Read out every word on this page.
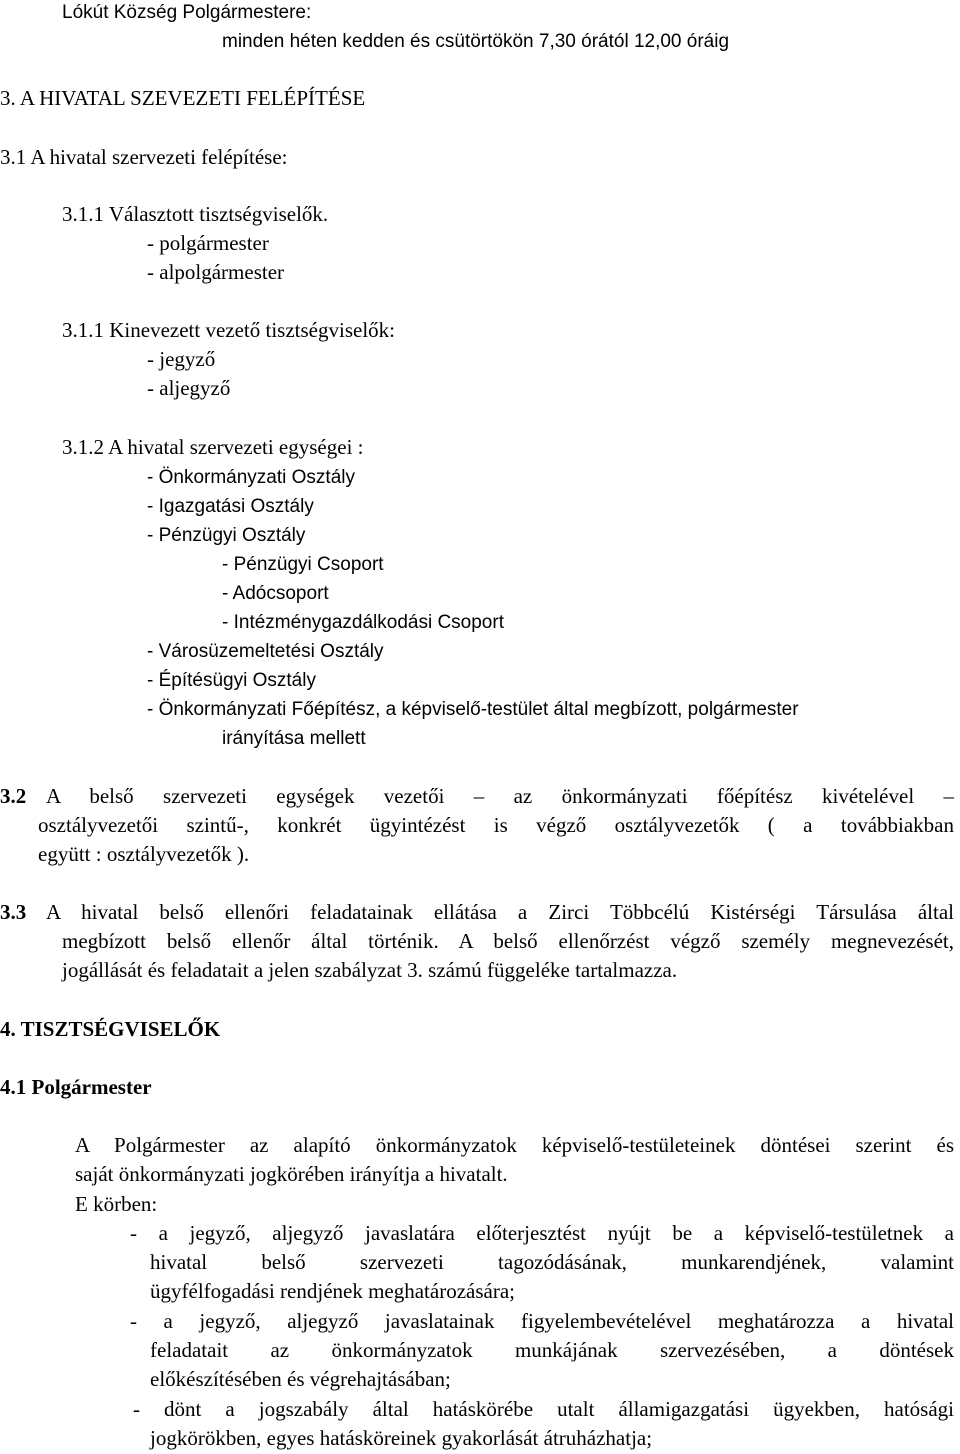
Lókút Község Polgármestere:
minden héten kedden és csütörtökön 7,30 órától 12,00 óráig
3. A HIVATAL SZEVEZETI FELÉPÍTÉSE
3.1 A hivatal szervezeti felépítése:
3.1.1 Választott tisztségviselők.
- polgármester
- alpolgármester
3.1.1 Kinevezett vezető tisztségviselők:
- jegyző
- aljegyző
3.1.2 A hivatal szervezeti egységei :
- Önkormányzati Osztály
- Igazgatási Osztály
- Pénzügyi Osztály
- Pénzügyi Csoport
- Adócsoport
- Intézménygazdálkodási Csoport
- Városüzemeltetési Osztály
- Építésügyi Osztály
- Önkormányzati Főépítész, a képviselő-testület által megbízott, polgármester
irányítása mellett
3.2 A belső szervezeti egységek vezetői – az önkormányzati főépítész kivételével –
osztályvezetői szintű-, konkrét ügyintézést is végző osztályvezetők ( a továbbiakban
együtt : osztályvezetők ).
3.3 A hivatal belső ellenőri feladatainak ellátása a Zirci Többcélú Kistérségi Társulása által
megbízott belső ellenőr által történik. A belső ellenőrzést végző személy megnevezését,
jogállását és feladatait a jelen szabályzat 3. számú függeléke tartalmazza.
4. TISZTSÉGVISELŐK
4.1 Polgármester
A Polgármester az alapító önkormányzatok képviselő-testületeinek döntései szerint és
saját önkormányzati jogkörében irányítja a hivatalt.
E körben:
- a jegyző, aljegyző javaslatára előterjesztést nyújt be a képviselő-testületnek a
hivatal belső szervezeti tagozódásának, munkarendjének, valamint
ügyfélfogadási rendjének meghatározására;
- a jegyző, aljegyző javaslatainak figyelembevételével meghatározza a hivatal
feladatait az önkormányzatok munkájának szervezésében, a döntések
előkészítésében és végrehajtásában;
- dönt a jogszabály által hatáskörébe utalt államigazgatási ügyekben, hatósági
jogkörökben, egyes hatásköreinek gyakorlását átruházhatja;
